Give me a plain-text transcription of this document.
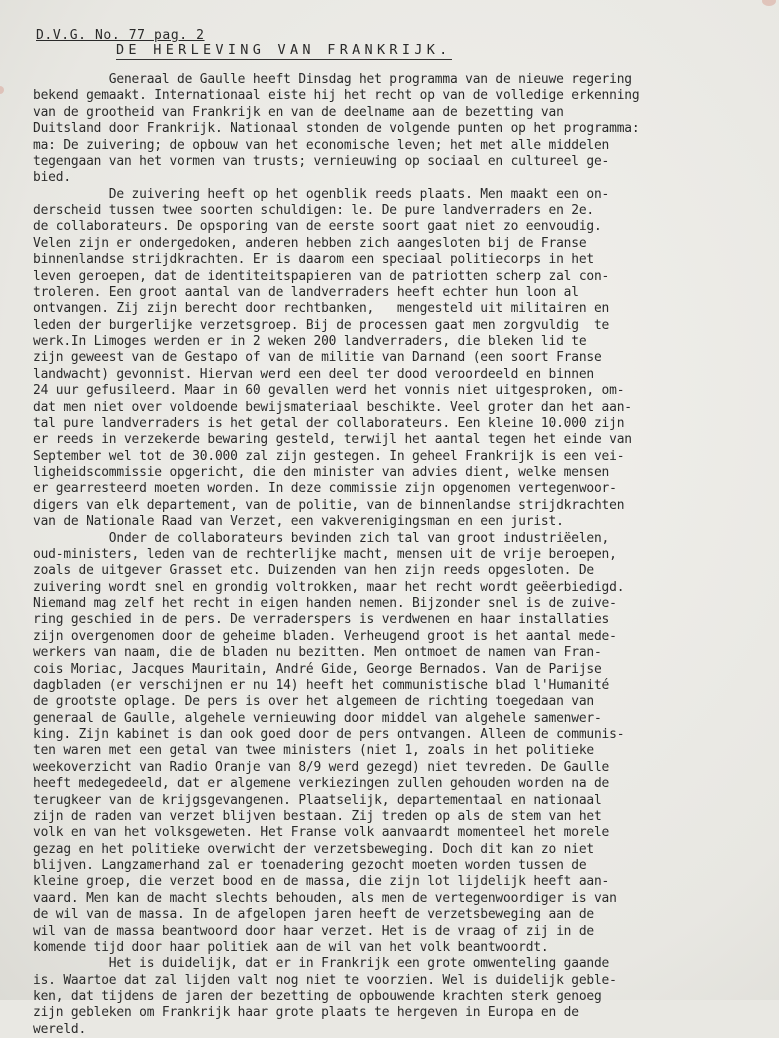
D.V.G. No. 77 pag. 2
DE HERLEVING VAN FRANKRIJK.
Generaal de Gaulle heeft Dinsdag het programma van de nieuwe regering
bekend gemaakt. Internationaal eiste hij het recht op van de volledige erkenning
van de grootheid van Frankrijk en van de deelname aan de bezetting van
Duitsland door Frankrijk. Nationaal stonden de volgende punten op het programma:
ma: De zuivering; de opbouw van het economische leven; het met alle middelen
tegengaan van het vormen van trusts; vernieuwing op sociaal en cultureel ge-
bied.
De zuivering heeft op het ogenblik reeds plaats. Men maakt een on-
derscheid tussen twee soorten schuldigen: le. De pure landverraders en 2e.
de collaborateurs. De opsporing van de eerste soort gaat niet zo eenvoudig.
Velen zijn er ondergedoken, anderen hebben zich aangesloten bij de Franse
binnenlandse strijdkrachten. Er is daarom een speciaal politiecorps in het
leven geroepen, dat de identiteitspapieren van de patriotten scherp zal con-
troleren. Een groot aantal van de landverraders heeft echter hun loon al
ontvangen. Zij zijn berecht door rechtbanken,   mengesteld uit militairen en
leden der burgerlijke verzetsgroep. Bij de processen gaat men zorgvuldig  te
werk.In Limoges werden er in 2 weken 200 landverraders, die bleken lid te
zijn geweest van de Gestapo of van de militie van Darnand (een soort Franse
landwacht) gevonnist. Hiervan werd een deel ter dood veroordeeld en binnen
24 uur gefusileerd. Maar in 60 gevallen werd het vonnis niet uitgesproken, om-
dat men niet over voldoende bewijsmateriaal beschikte. Veel groter dan het aan-
tal pure landverraders is het getal der collaborateurs. Een kleine 10.000 zijn
er reeds in verzekerde bewaring gesteld, terwijl het aantal tegen het einde van
September wel tot de 30.000 zal zijn gestegen. In geheel Frankrijk is een vei-
ligheidscommissie opgericht, die den minister van advies dient, welke mensen
er gearresteerd moeten worden. In deze commissie zijn opgenomen vertegenwoor-
digers van elk departement, van de politie, van de binnenlandse strijdkrachten
van de Nationale Raad van Verzet, een vakverenigingsman en een jurist.
Onder de collaborateurs bevinden zich tal van groot industriëelen,
oud-ministers, leden van de rechterlijke macht, mensen uit de vrije beroepen,
zoals de uitgever Grasset etc. Duizenden van hen zijn reeds opgesloten. De
zuivering wordt snel en grondig voltrokken, maar het recht wordt geëerbiedigd.
Niemand mag zelf het recht in eigen handen nemen. Bijzonder snel is de zuive-
ring geschied in de pers. De verraderspers is verdwenen en haar installaties
zijn overgenomen door de geheime bladen. Verheugend groot is het aantal mede-
werkers van naam, die de bladen nu bezitten. Men ontmoet de namen van Fran-
cois Moriac, Jacques Mauritain, André Gide, George Bernados. Van de Parijse
dagbladen (er verschijnen er nu 14) heeft het communistische blad l'Humanité
de grootste oplage. De pers is over het algemeen de richting toegedaan van
generaal de Gaulle, algehele vernieuwing door middel van algehele samenwer-
king. Zijn kabinet is dan ook goed door de pers ontvangen. Alleen de communis-
ten waren met een getal van twee ministers (niet 1, zoals in het politieke
weekoverzicht van Radio Oranje van 8/9 werd gezegd) niet tevreden. De Gaulle
heeft medegedeeld, dat er algemene verkiezingen zullen gehouden worden na de
terugkeer van de krijgsgevangenen. Plaatselijk, departementaal en nationaal
zijn de raden van verzet blijven bestaan. Zij treden op als de stem van het
volk en van het volksgeweten. Het Franse volk aanvaardt momenteel het morele
gezag en het politieke overwicht der verzetsbeweging. Doch dit kan zo niet
blijven. Langzamerhand zal er toenadering gezocht moeten worden tussen de
kleine groep, die verzet bood en de massa, die zijn lot lijdelijk heeft aan-
vaard. Men kan de macht slechts behouden, als men de vertegenwoordiger is van
de wil van de massa. In de afgelopen jaren heeft de verzetsbeweging aan de
wil van de massa beantwoord door haar verzet. Het is de vraag of zij in de
komende tijd door haar politiek aan de wil van het volk beantwoordt.
Het is duidelijk, dat er in Frankrijk een grote omwenteling gaande
is. Waartoe dat zal lijden valt nog niet te voorzien. Wel is duidelijk geble-
ken, dat tijdens de jaren der bezetting de opbouwende krachten sterk genoeg
zijn gebleken om Frankrijk haar grote plaats te hergeven in Europa en de
wereld.
